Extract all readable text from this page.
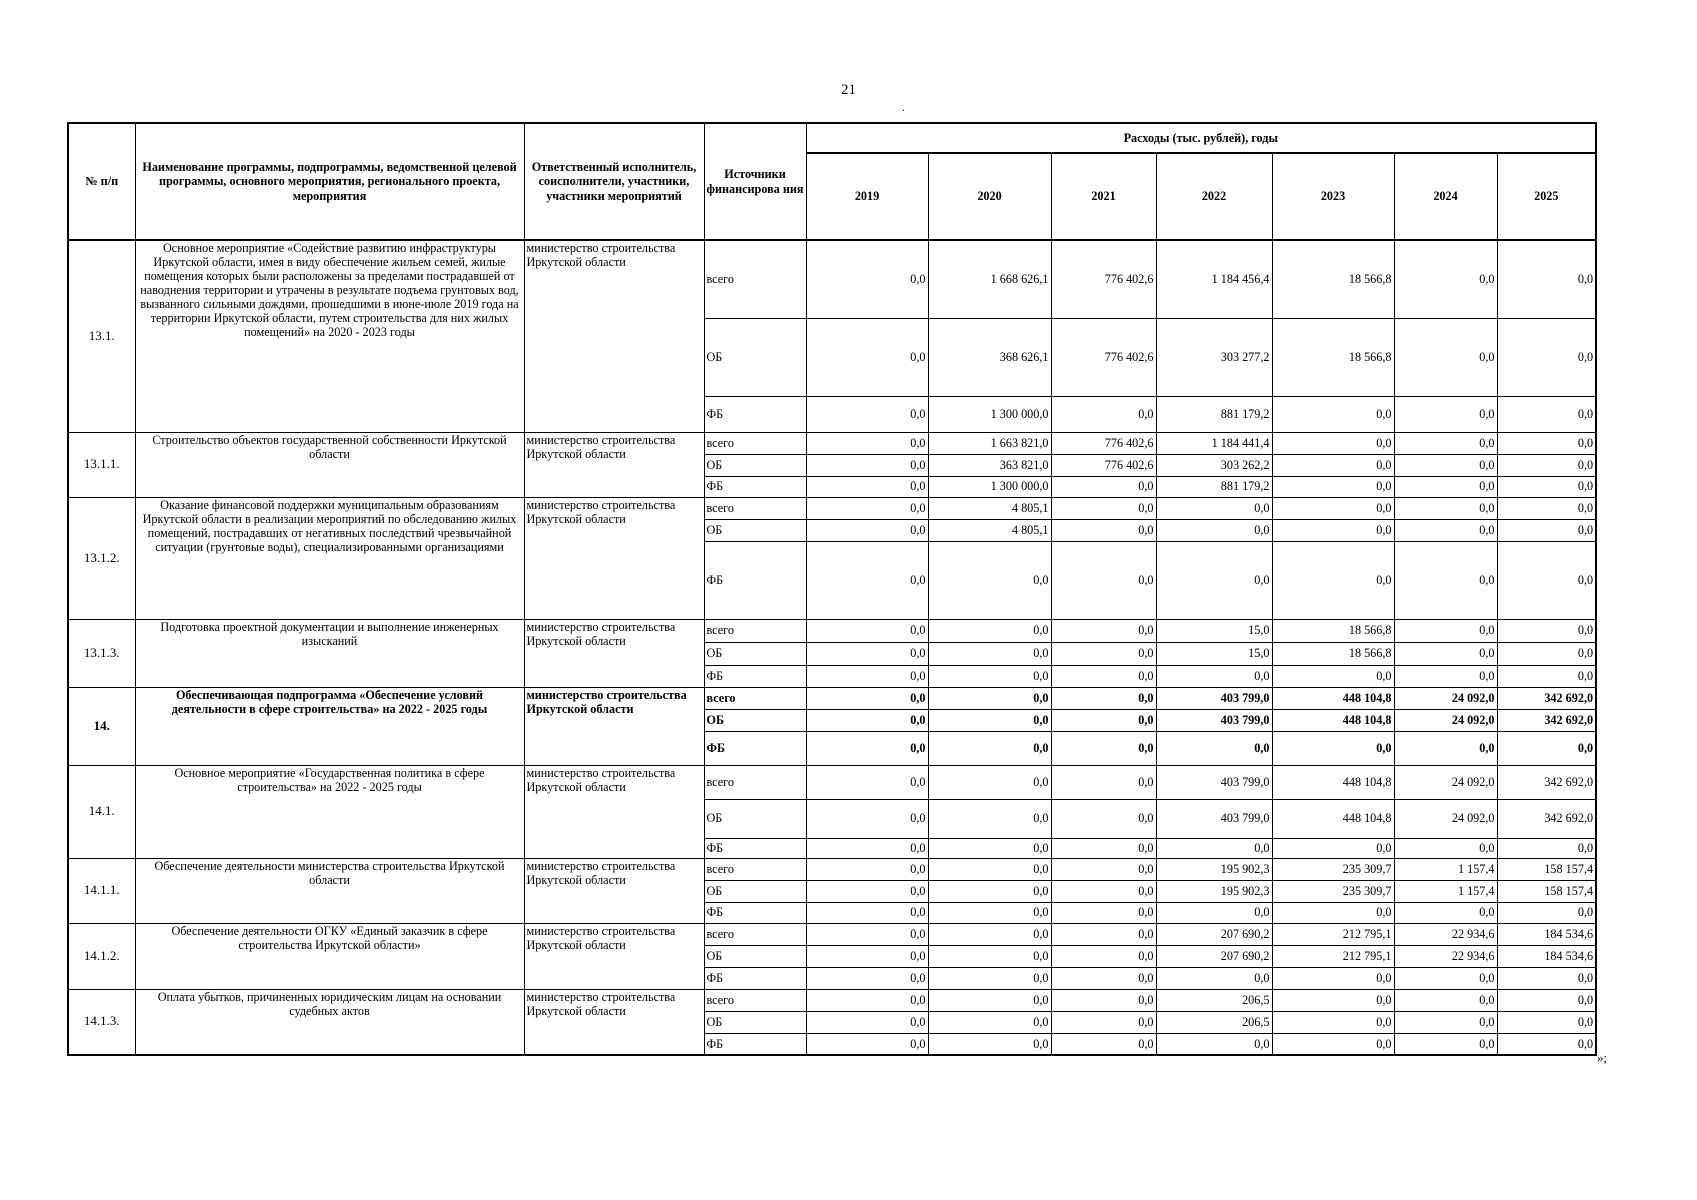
21
.
№ п/п	Наименование программы, подпрограммы, ведомственной целевой программы, основного мероприятия, регионального проекта, мероприятия	Ответственный исполнитель, соисполнители, участники, участники мероприятий	Источники финансирова ния	Расходы (тыс. рублей), годы						
				2019	2020	2021	2022	2023	2024	2025
13.1.	Основное мероприятие «Содействие развитию инфраструктуры Иркутской области, имея в виду обеспечение жильем семей, жилые помещения которых были расположены за пределами пострадавшей от наводнения территории и утрачены в результате подъема грунтовых вод, вызванного сильными дождями, прошедшими в июне-июле 2019 года на территории Иркутской области, путем строительства для них жилых помещений» на 2020 - 2023 годы	министерство строительства Иркутской области	всего	0,0	1 668 626,1	776 402,6	1 184 456,4	18 566,8	0,0	0,0
			ОБ	0,0	368 626,1	776 402,6	303 277,2	18 566,8	0,0	0,0
			ФБ	0,0	1 300 000,0	0,0	881 179,2	0,0	0,0	0,0
13.1.1.	Строительство объектов государственной собственности Иркутской области	министерство строительства Иркутской области	всего	0,0	1 663 821,0	776 402,6	1 184 441,4	0,0	0,0	0,0
			ОБ	0,0	363 821,0	776 402,6	303 262,2	0,0	0,0	0,0
			ФБ	0,0	1 300 000,0	0,0	881 179,2	0,0	0,0	0,0
13.1.2.	Оказание финансовой поддержки муниципальным образованиям Иркутской области в реализации мероприятий по обследованию жилых помещений, пострадавших от негативных последствий чрезвычайной ситуации (грунтовые воды), специализированными организациями	министерство строительства Иркутской области	всего	0,0	4 805,1	0,0	0,0	0,0	0,0	0,0
			ОБ	0,0	4 805,1	0,0	0,0	0,0	0,0	0,0
			ФБ	0,0	0,0	0,0	0,0	0,0	0,0	0,0
13.1.3.	Подготовка проектной документации и выполнение инженерных изысканий	министерство строительства Иркутской области	всего	0,0	0,0	0,0	15,0	18 566,8	0,0	0,0
			ОБ	0,0	0,0	0,0	15,0	18 566,8	0,0	0,0
			ФБ	0,0	0,0	0,0	0,0	0,0	0,0	0,0
14.	Обеспечивающая подпрограмма «Обеспечение условий деятельности в сфере строительства» на 2022 - 2025 годы	министерство строительства Иркутской области	всего	0,0	0,0	0,0	403 799,0	448 104,8	24 092,0	342 692,0
			ОБ	0,0	0,0	0,0	403 799,0	448 104,8	24 092,0	342 692,0
			ФБ	0,0	0,0	0,0	0,0	0,0	0,0	0,0
14.1.	Основное мероприятие «Государственная политика в сфере строительства» на 2022 - 2025 годы	министерство строительства Иркутской области	всего	0,0	0,0	0,0	403 799,0	448 104,8	24 092,0	342 692,0
			ОБ	0,0	0,0	0,0	403 799,0	448 104,8	24 092,0	342 692,0
			ФБ	0,0	0,0	0,0	0,0	0,0	0,0	0,0
14.1.1.	Обеспечение деятельности министерства строительства Иркутской области	министерство строительства Иркутской области	всего	0,0	0,0	0,0	195 902,3	235 309,7	1 157,4	158 157,4
			ОБ	0,0	0,0	0,0	195 902,3	235 309,7	1 157,4	158 157,4
			ФБ	0,0	0,0	0,0	0,0	0,0	0,0	0,0
14.1.2.	Обеспечение деятельности ОГКУ «Единый заказчик в сфере строительства Иркутской области»	министерство строительства Иркутской области	всего	0,0	0,0	0,0	207 690,2	212 795,1	22 934,6	184 534,6
			ОБ	0,0	0,0	0,0	207 690,2	212 795,1	22 934,6	184 534,6
			ФБ	0,0	0,0	0,0	0,0	0,0	0,0	0,0
14.1.3.	Оплата убытков, причиненных юридическим лицам на основании судебных актов	министерство строительства Иркутской области	всего	0,0	0,0	0,0	206,5	0,0	0,0	0,0
			ОБ	0,0	0,0	0,0	206,5	0,0	0,0	0,0
			ФБ	0,0	0,0	0,0	0,0	0,0	0,0	0,0
»;
